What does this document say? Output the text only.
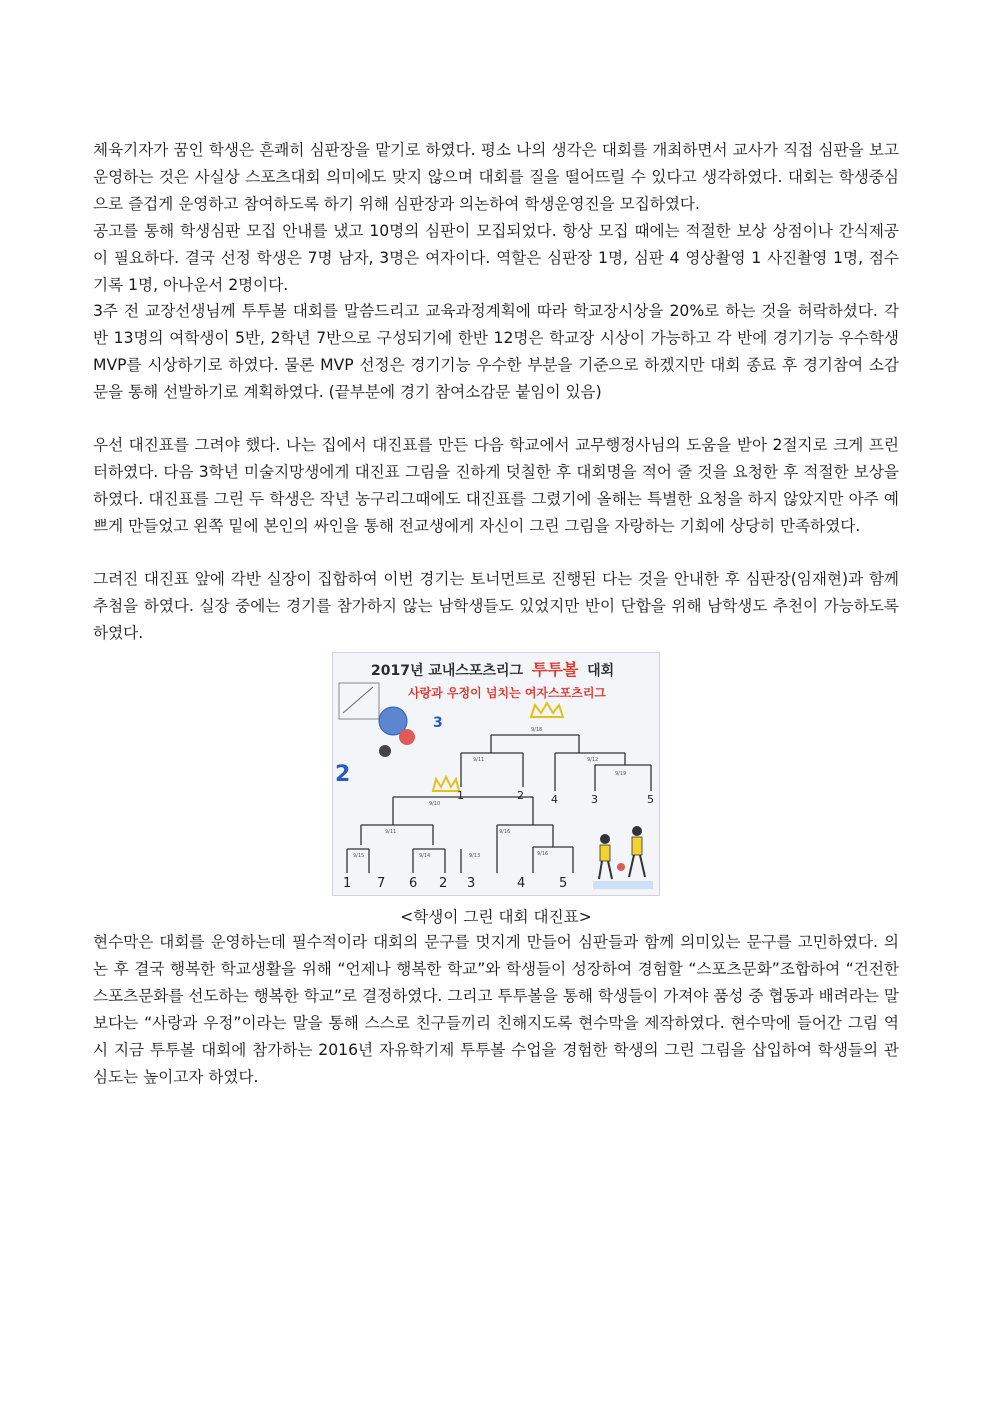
체육기자가 꿈인 학생은 흔쾌히 심판장을 맡기로 하였다. 평소 나의 생각은 대회를 개최하면서 교사가 직접 심판을 보고 운영하는 것은 사실상 스포츠대회 의미에도 맞지 않으며 대회를 질을 떨어뜨릴 수 있다고 생각하였다. 대회는 학생중심으로 즐겁게 운영하고 참여하도록 하기 위해 심판장과 의논하여 학생운영진을 모집하였다.

공고를 통해 학생심판 모집 안내를 냈고 10명의 심판이 모집되었다. 항상 모집 때에는 적절한 보상 상점이나 간식제공이 필요하다. 결국 선정 학생은 7명 남자, 3명은 여자이다. 역할은 심판장 1명, 심판 4 영상촬영 1 사진촬영 1명, 점수기록 1명, 아나운서 2명이다.

3주 전 교장선생님께 투투볼 대회를 말씀드리고 교육과정계획에 따라 학교장시상을 20%로 하는 것을 허락하셨다. 각반 13명의 여학생이 5반, 2학년 7반으로 구성되기에 한반 12명은 학교장 시상이 가능하고 각 반에 경기기능 우수학생 MVP를 시상하기로 하였다. 물론 MVP 선정은 경기기능 우수한 부분을 기준으로 하겠지만 대회 종료 후 경기참여 소감문을 통해 선발하기로 계획하였다. (끝부분에 경기 참여소감문 붙임이 있음)

우선 대진표를 그려야 했다. 나는 집에서 대진표를 만든 다음 학교에서 교무행정사님의 도움을 받아 2절지로 크게 프린터하였다. 다음 3학년 미술지망생에게 대진표 그림을 진하게 덧칠한 후 대회명을 적어 줄 것을 요청한 후 적절한 보상을 하였다. 대진표를 그린 두 학생은 작년 농구리그때에도 대진표를 그렸기에 올해는 특별한 요청을 하지 않았지만 아주 예쁘게 만들었고 왼쪽 밑에 본인의 싸인을 통해 전교생에게 자신이 그린 그림을 자랑하는 기회에 상당히 만족하였다.

그려진 대진표 앞에 각반 실장이 집합하여 이번 경기는 토너먼트로 진행된 다는 것을 안내한 후 심판장(임재현)과 함께 추첨을 하였다. 실장 중에는 경기를 참가하지 않는 남학생들도 있었지만 반이 단합을 위해 남학생도 추천이 가능하도록 하였다.

2017년 교내스포츠리그 투투볼 대회
사랑과 우정이 넘치는 여자스포츠리그
3
2
9/18
9/11	9/12
9/19
9/10
9/16
9/11
9/16
9/15	9/14	9/13
1	2 4	3	5
1 7 6 2 3	4	5
<학생이 그린 대회 대진표>

현수막은 대회를 운영하는데 필수적이라 대회의 문구를 멋지게 만들어 심판들과 함께 의미있는 문구를 고민하였다. 의논 후 결국 행복한 학교생활을 위해 “언제나 행복한 학교”와 학생들이 성장하여 경험할 “스포츠문화”조합하여 “건전한 스포츠문화를 선도하는 행복한 학교”로 결정하였다. 그리고 투투볼을 통해 학생들이 가져야 품성 중 협동과 배려라는 말보다는 “사랑과 우정”이라는 말을 통해 스스로 친구들끼리 친해지도록 현수막을 제작하였다. 현수막에 들어간 그림 역시 지금 투투볼 대회에 참가하는 2016년 자유학기제 투투볼 수업을 경험한 학생의 그린 그림을 삽입하여 학생들의 관심도는 높이고자 하였다.
